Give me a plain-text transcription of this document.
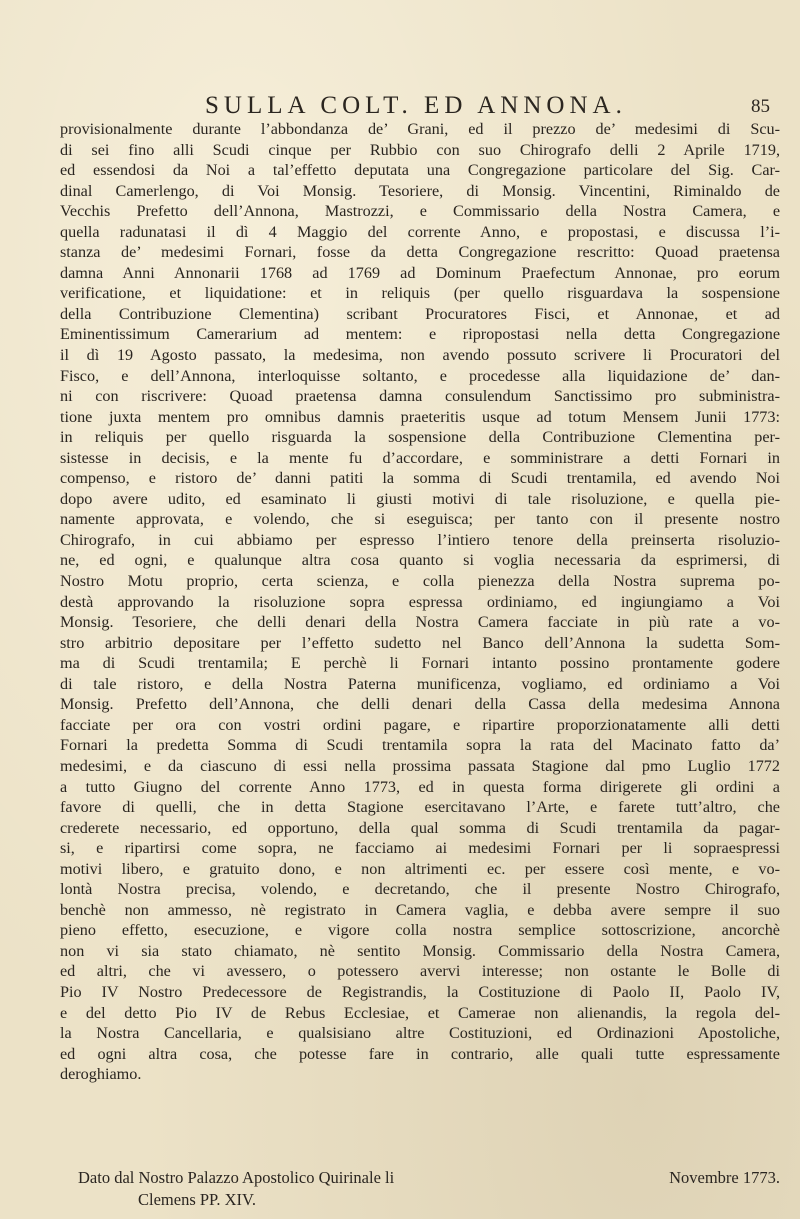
SULLA COLT. ED ANNONA.	85
provisionalmente durante l’abbondanza de’ Grani, ed il prezzo de’ medesimi di Scu-
di sei fino alli Scudi cinque per Rubbio con suo Chirografo delli 2 Aprile 1719,
ed essendosi da Noi a tal’effetto deputata una Congregazione particolare del Sig. Car-
dinal Camerlengo, di Voi Monsig. Tesoriere, di Monsig. Vincentini, Riminaldo de
Vecchis Prefetto dell’Annona, Mastrozzi, e Commissario della Nostra Camera, e
quella radunatasi il dì 4 Maggio del corrente Anno, e propostasi, e discussa l’i-
stanza de’ medesimi Fornari, fosse da detta Congregazione rescritto: Quoad praetensa
damna Anni Annonarii 1768 ad 1769 ad Dominum Praefectum Annonae, pro eorum
verificatione, et liquidatione: et in reliquis (per quello risguardava la sospensione
della Contribuzione Clementina) scribant Procuratores Fisci, et Annonae, et ad
Eminentissimum Camerarium ad mentem: e ripropostasi nella detta Congregazione
il dì 19 Agosto passato, la medesima, non avendo possuto scrivere li Procuratori del
Fisco, e dell’Annona, interloquisse soltanto, e procedesse alla liquidazione de’ dan-
ni con riscrivere: Quoad praetensa damna consulendum Sanctissimo pro subministra-
tione juxta mentem pro omnibus damnis praeteritis usque ad totum Mensem Junii 1773:
in reliquis per quello risguarda la sospensione della Contribuzione Clementina per-
sistesse in decisis, e la mente fu d’accordare, e somministrare a detti Fornari in
compenso, e ristoro de’ danni patiti la somma di Scudi trentamila, ed avendo Noi
dopo avere udito, ed esaminato li giusti motivi di tale risoluzione, e quella pie-
namente approvata, e volendo, che si eseguisca; per tanto con il presente nostro
Chirografo, in cui abbiamo per espresso l’intiero tenore della preinserta risoluzio-
ne, ed ogni, e qualunque altra cosa quanto si voglia necessaria da esprimersi, di
Nostro Motu proprio, certa scienza, e colla pienezza della Nostra suprema po-
destà approvando la risoluzione sopra espressa ordiniamo, ed ingiungiamo a Voi
Monsig. Tesoriere, che delli denari della Nostra Camera facciate in più rate a vo-
stro arbitrio depositare per l’effetto sudetto nel Banco dell’Annona la sudetta Som-
ma di Scudi trentamila; E perchè li Fornari intanto possino prontamente godere
di tale ristoro, e della Nostra Paterna munificenza, vogliamo, ed ordiniamo a Voi
Monsig. Prefetto dell’Annona, che delli denari della Cassa della medesima Annona
facciate per ora con vostri ordini pagare, e ripartire proporzionatamente alli detti
Fornari la predetta Somma di Scudi trentamila sopra la rata del Macinato fatto da’
medesimi, e da ciascuno di essi nella prossima passata Stagione dal pmo Luglio 1772
a tutto Giugno del corrente Anno 1773, ed in questa forma dirigerete gli ordini a
favore di quelli, che in detta Stagione esercitavano l’Arte, e farete tutt’altro, che
crederete necessario, ed opportuno, della qual somma di Scudi trentamila da pagar-
si, e ripartirsi come sopra, ne facciamo ai medesimi Fornari per li sopraespressi
motivi libero, e gratuito dono, e non altrimenti ec. per essere così mente, e vo-
lontà Nostra precisa, volendo, e decretando, che il presente Nostro Chirografo,
benchè non ammesso, nè registrato in Camera vaglia, e debba avere sempre il suo
pieno effetto, esecuzione, e vigore colla nostra semplice sottoscrizione, ancorchè
non vi sia stato chiamato, nè sentito Monsig. Commissario della Nostra Camera,
ed altri, che vi avessero, o potessero avervi interesse; non ostante le Bolle di
Pio IV Nostro Predecessore de Registrandis, la Costituzione di Paolo II, Paolo IV,
e del detto Pio IV de Rebus Ecclesiae, et Camerae non alienandis, la regola del-
la Nostra Cancellaria, e qualsisiano altre Costituzioni, ed Ordinazioni Apostoliche,
ed ogni altra cosa, che potesse fare in contrario, alle quali tutte espressamente
deroghiamo.
Dato dal Nostro Palazzo Apostolico Quirinale li	Novembre 1773.
Clemens PP. XIV.
